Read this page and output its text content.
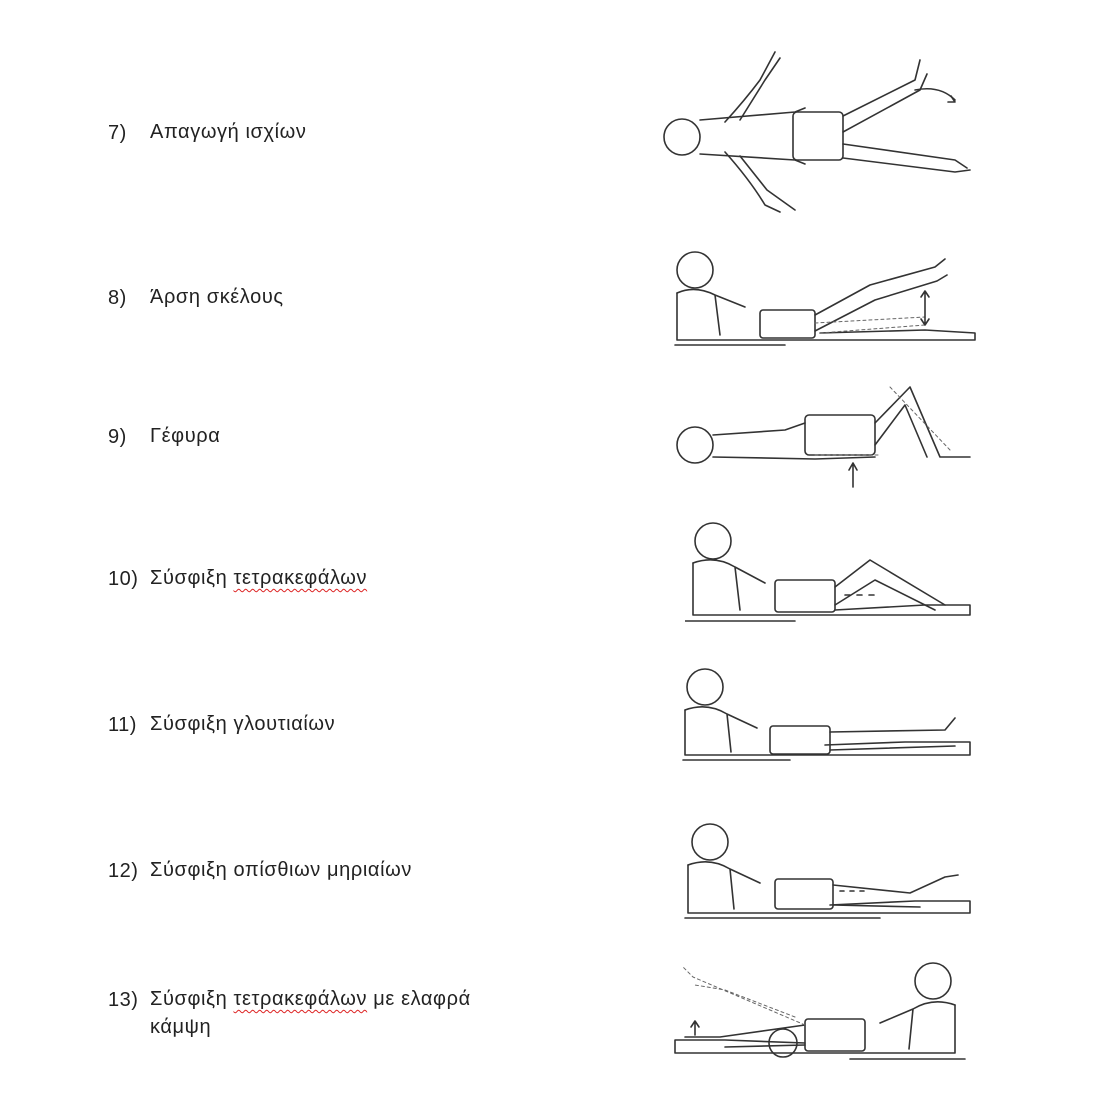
7) Απαγωγή ισχίων
8) Άρση σκέλους
9) Γέφυρα
10) Σύσφιξη τετρακεφάλων
11) Σύσφιξη γλουτιαίων
12) Σύσφιξη οπίσθιων μηριαίων
13) Σύσφιξη τετρακεφάλων με ελαφρά
κάμψη
